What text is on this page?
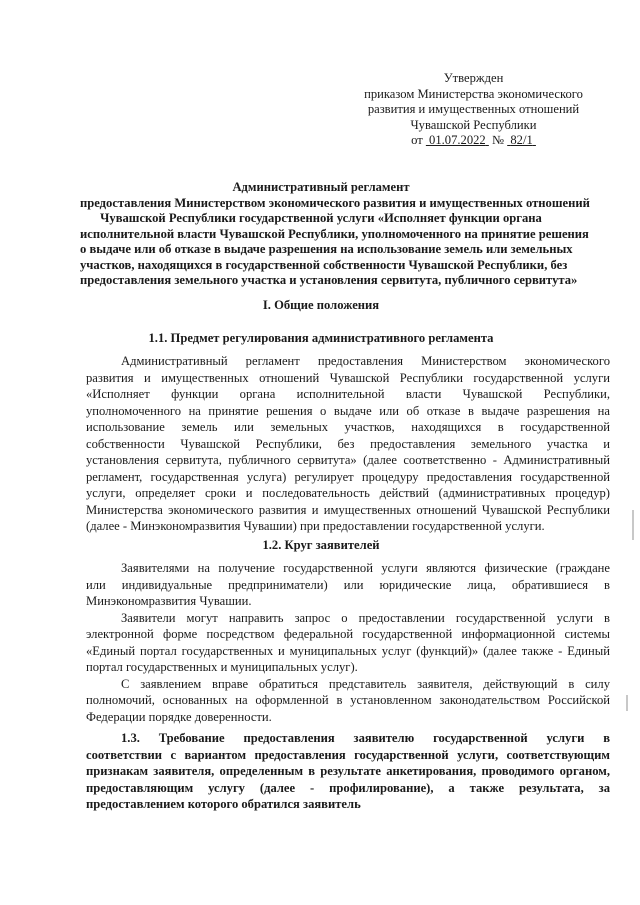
Утвержден
приказом Министерства экономического
развития и имущественных отношений
Чувашской Республики
от 01.07.2022 № 82/1
Административный регламент
предоставления Министерством экономического развития и имущественных отношений
Чувашской Республики государственной услуги «Исполняет функции органа
исполнительной власти Чувашской Республики, уполномоченного на принятие решения
о выдаче или об отказе в выдаче разрешения на использование земель или земельных
участков, находящихся в государственной собственности Чувашской Республики, без
предоставления земельного участка и установления сервитута, публичного сервитута»
I. Общие положения
1.1. Предмет регулирования административного регламента
Административный регламент предоставления Министерством экономического
развития и имущественных отношений Чувашской Республики государственной услуги
«Исполняет функции органа исполнительной власти Чувашской Республики,
уполномоченного на принятие решения о выдаче или об отказе в выдаче разрешения на
использование земель или земельных участков, находящихся в государственной
собственности Чувашской Республики, без предоставления земельного участка и
установления сервитута, публичного сервитута» (далее соответственно - Административный
регламент, государственная услуга) регулирует процедуру предоставления государственной
услуги, определяет сроки и последовательность действий (административных процедур)
Министерства экономического развития и имущественных отношений Чувашской Республики
(далее - Минэкономразвития Чувашии) при предоставлении государственной услуги.
1.2. Круг заявителей
Заявителями на получение государственной услуги являются физические (граждане
или индивидуальные предприниматели) или юридические лица, обратившиеся в
Минэкономразвития Чувашии.
Заявители могут направить запрос о предоставлении государственной услуги в
электронной форме посредством федеральной государственной информационной системы
«Единый портал государственных и муниципальных услуг (функций)» (далее также - Единый
портал государственных и муниципальных услуг).
С заявлением вправе обратиться представитель заявителя, действующий в силу
полномочий, основанных на оформленной в установленном законодательством Российской
Федерации порядке доверенности.
1.3. Требование предоставления заявителю государственной услуги в
соответствии с вариантом предоставления государственной услуги, соответствующим
признакам заявителя, определенным в результате анкетирования, проводимого органом,
предоставляющим услугу (далее - профилирование), а также результата, за
предоставлением которого обратился заявитель
